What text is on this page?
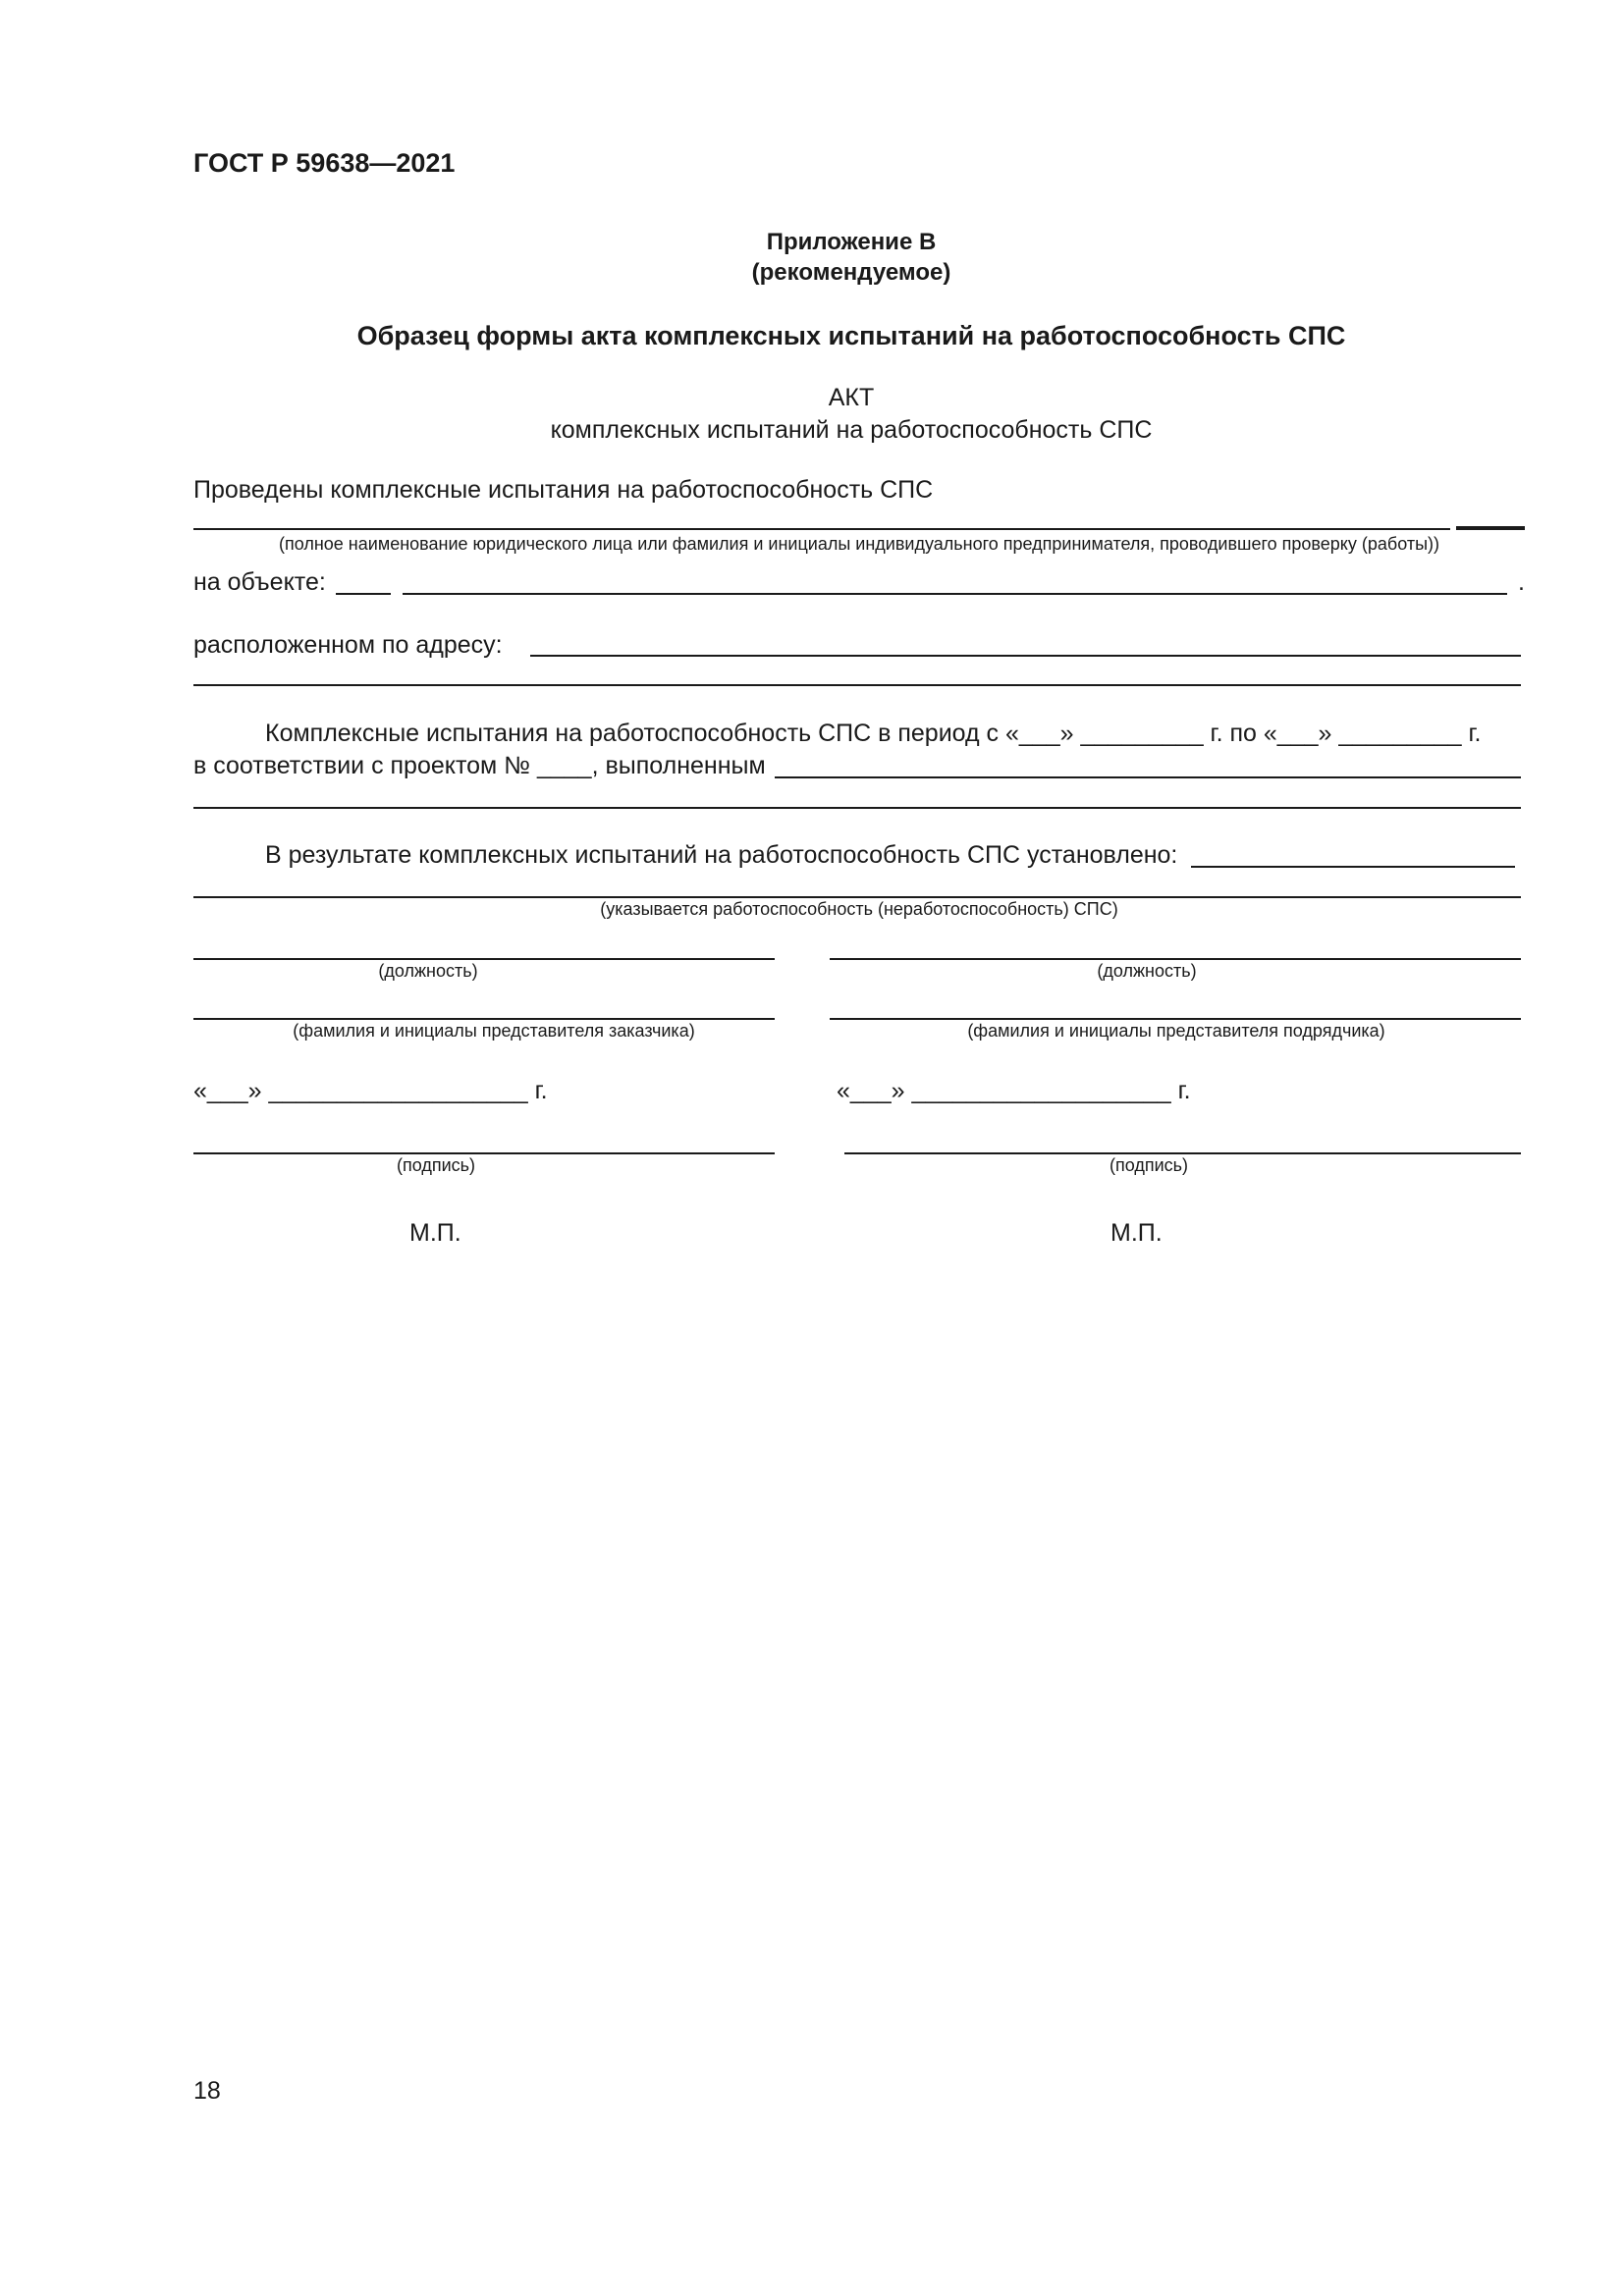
ГОСТ Р 59638—2021
Приложение В
(рекомендуемое)
Образец формы акта комплексных испытаний на работоспособность СПС
АКТ
комплексных испытаний на работоспособность СПС
Проведены комплексные испытания на работоспособность СПС
(полное наименование юридического лица или фамилия и инициалы индивидуального предпринимателя, проводившего проверку (работы))
на объекте:	.
расположенном по адресу:
Комплексные испытания на работоспособность СПС в период с «___» _________ г. по «___» _________ г.
в соответствии с проектом № ____, выполненным
В результате комплексных испытаний на работоспособность СПС установлено:
(указывается работоспособность (неработоспособность) СПС)
(должность)	(должность)
(фамилия и инициалы представителя заказчика)	(фамилия и инициалы представителя подрядчика)
«___» ___________________ г.	«___» ___________________ г.
(подпись)	(подпись)
М.П.	М.П.
18
